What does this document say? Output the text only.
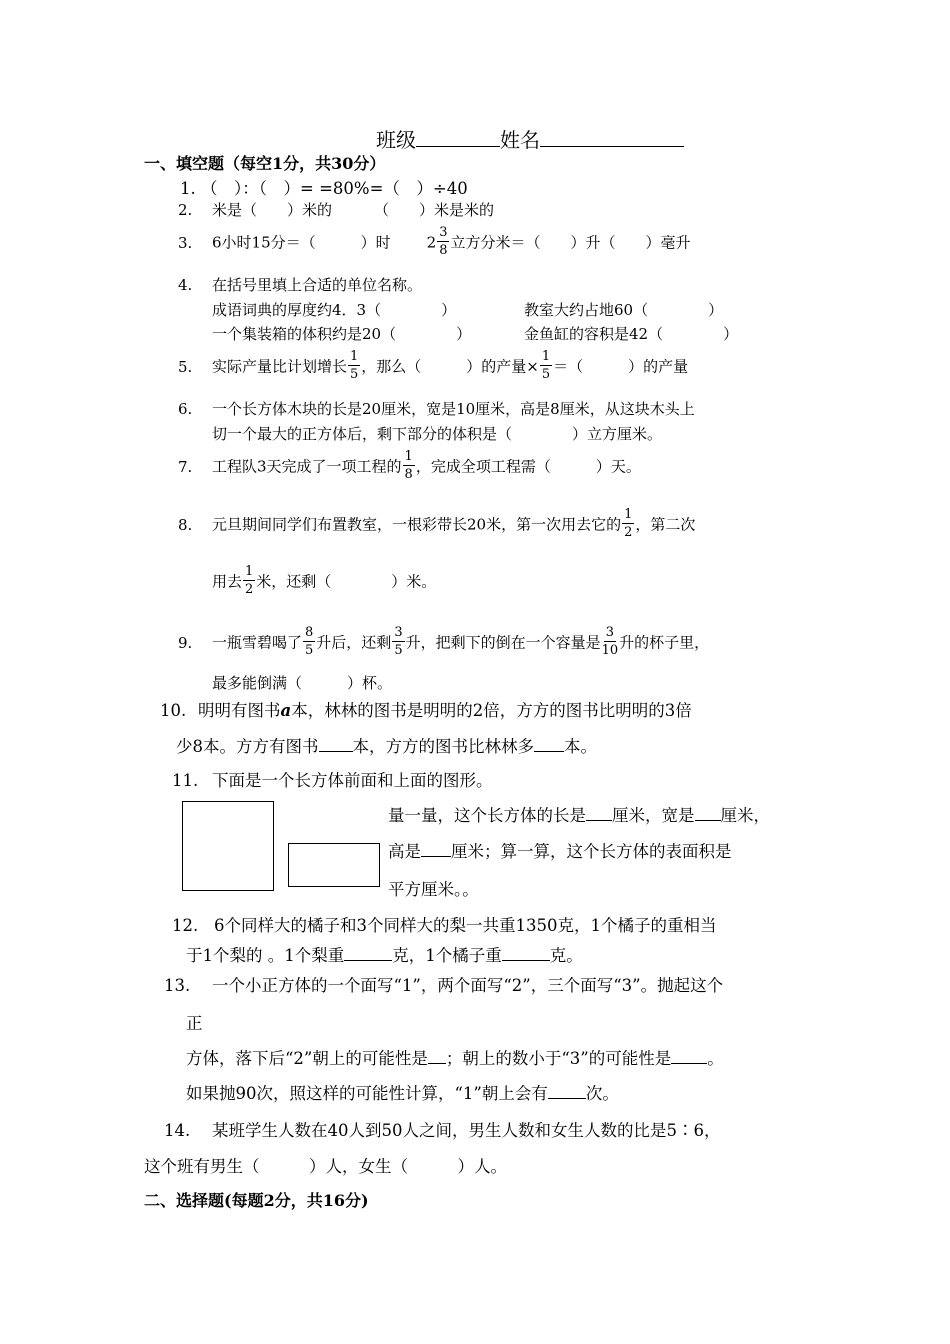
班级	姓名
一、填空题（每空1分，共30分）
1. （　）：（　）= =80%=（　）÷40
2. 米是（　　）米的	（　　）米是米的
3. 6小时15分＝（　　　）时 $2 \frac{3}{8}$ 立方分米＝（　　）升（　　）毫升
4. 在括号里填上合适的单位名称。
成语词典的厚度约4．3（　　　　）	教室大约占地60（　　　　）
一个集装箱的体积约是20（　　　　）	金鱼缸的容积是42（　　　　）
5. 实际产量比计划增长 $\frac{1}{5}$ ，那么（　　　）的产量× $\frac{1}{5}$ ＝（　　　）的产量
6. 一个长方体木块的长是20厘米，宽是10厘米，高是8厘米，从这块木头上
切一个最大的正方体后，剩下部分的体积是（　　　　）立方厘米。
7. 工程队3天完成了一项工程的 $\frac{1}{8}$ ，完成全项工程需（　　　）天。
8. 元旦期间同学们布置教室，一根彩带长20米，第一次用去它的 $\frac{1}{2}$ ，第二次
用去 $\frac{1}{2}$ 米，还剩（　　　　）米。
9. 一瓶雪碧喝了 $\frac{8}{5}$ 升后，还剩 $\frac{3}{5}$ 升，把剩下的倒在一个容量是 $\frac{3}{10}$ 升的杯子里，
最多能倒满（　　　）杯。
10. 明明有图书a本，林林的图书是明明的2倍，方方的图书比明明的3倍
少8本。方方有图书 本，方方的图书比林林多 本。
11. 下面是一个长方体前面和上面的图形。
量一量，这个长方体的长是 厘米，宽是 厘米，
高是 厘米；算一算，这个长方体的表面积是
平方厘米。。
12. 6个同样大的橘子和3个同样大的梨一共重1350克，1个橘子的重相当
于1个梨的 。1个梨重	克，1个橘子重	克。
13. 一个小正方体的一个面写“1”，两个面写“2”，三个面写“3”。抛起这个
正
方体，落下后“2”朝上的可能性是 ；朝上的数小于“3”的可能性是 。
如果抛90次，照这样的可能性计算，“1”朝上会有 次。
14. 某班学生人数在40人到50人之间，男生人数和女生人数的比是5∶6，
这个班有男生（　　　）人，女生（　　　）人。
二、选择题(每题2分，共16分)
